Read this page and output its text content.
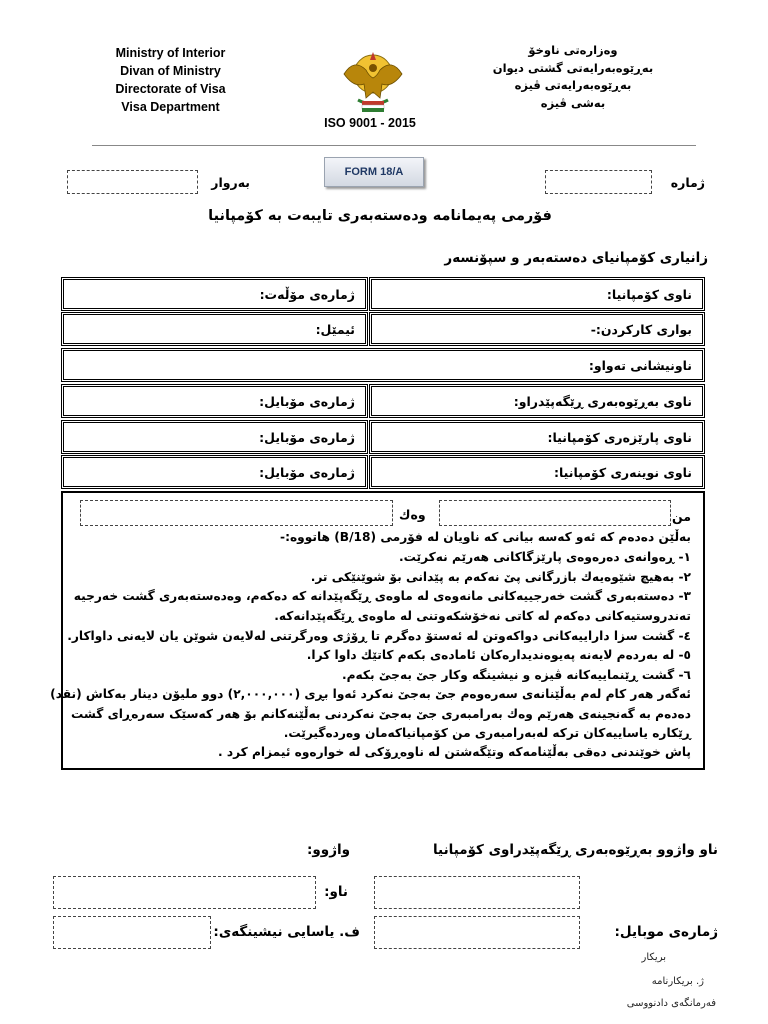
Ministry of Interior
Divan of Ministry
Directorate of Visa
Visa Department
ISO 9001 - 2015
وەزارەتی ناوخۆ
بەڕێوەبەرایەتی گشتی دیوان
بەڕێوەبەرایەتی ڤیزە
بەشی ڤیزە
FORM 18/A
ژمارە
بەروار
فۆرمی پەیمانامە ودەستەبەری تایبەت بە کۆمپانیا
زانیاری کۆمپانیای دەستەبەر و سپۆنسەر
ناوی کۆمپانیا:
ژمارەی مۆڵەت:
بواری کارکردن:-
ئیمێل:
ناونیشانی تەواو:
ناوی بەڕێوەبەری ڕێگەپێدراو:
ژمارەی مۆبایل:
ناوی پارێزەری کۆمپانیا:
ژمارەی مۆبایل:
ناوی نوینەری کۆمپانیا:
ژمارەی مۆبایل:
من
وەك
بەڵێن دەدەم کە ئەو کەسە بیانی کە ناویان لە فۆرمی (18/B) هاتووە:-
١- ڕەوانەی دەرەوەی پارێزگاکانی هەرێم نەکرێت.
٢- بەهیچ شێوەیەك بازرگانی پێ نەکەم بە پێدانی بۆ شوێنێکی تر.
٣- دەستەبەری گشت خەرجییەکانی مانەوەی لە ماوەی ڕێگەپێدانە کە دەکەم، وەدەستەبەری گشت خەرجیە
تەندروستیەکانی دەکەم لە کاتی نەخۆشکەوتنی لە ماوەی ڕێگەپێدانەکە.
٤- گشت سزا داراییەکانی دواکەوتن لە ئەستۆ دەگرم تا ڕۆژی وەرگرتنی لەلایەن شوێن یان لایەنی داواکار.
٥- لە بەردەم لایەنە پەیوەندیدارەکان ئامادەی بکەم کاتێك داوا کرا.
٦- گشت ڕێنماییەکانە ڤیزە و نیشینگە وکار جێ بەجێ بکەم.
ئەگەر هەر کام لەم بەڵێنانەی سەرەوەم جێ بەجێ نەکرد ئەوا بڕی (٢,٠٠٠,٠٠٠) دوو ملیۆن دینار بەکاش (نقد)
دەدەم بە گەنجینەی هەرێم وەك بەرامبەری جێ بەجێ نەکردنی بەڵێنەکانم بۆ هەر کەسێک سەرەڕای گشت
ڕێکارە یاساییەکان ترکە لەبەرامبەری من کۆمپانیاکەمان وەردەگیرێت.
پاش خوێندنی دەقی بەڵێنامەکە وتێگەشتن لە ناوەڕۆکی لە خوارەوە ئیمزام کرد .
ناو واژوو بەڕێوەبەری ڕێگەپێدراوی کۆمپانیا
واژوو:
ناو:
ژمارەی موبایل:
ف. یاسایی نیشینگەی:
بریکار
ژ. بریکارنامە
فەرمانگەی دادنووسی
